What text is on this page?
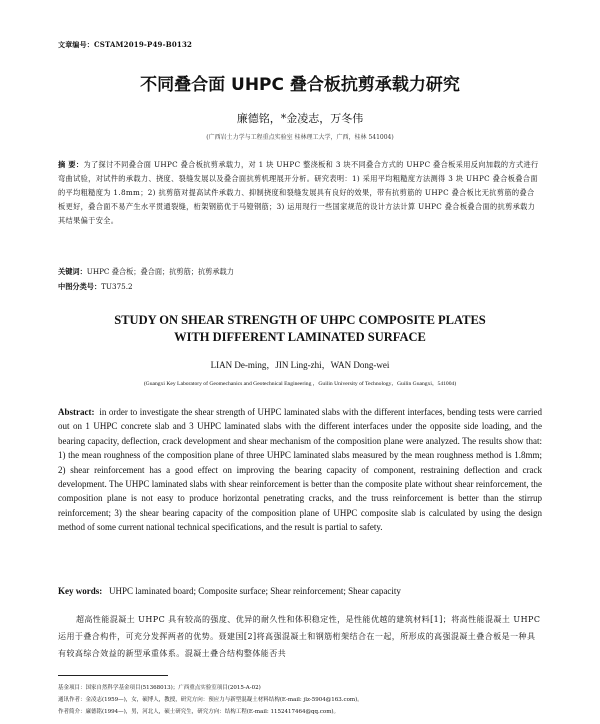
文章编号：CSTAM2019-P49-B0132
不同叠合面 UHPC 叠合板抗剪承载力研究
廉德铭，*金凌志，万冬伟
(广西岩土力学与工程重点实验室 桂林理工大学，广西，桂林 541004)
摘 要：为了探讨不同叠合面 UHPC 叠合板抗剪承载力，对 1 块 UHPC 整浇板和 3 块不同叠合方式的 UHPC 叠合板采用反向加载的方式进行弯曲试验，对试件的承载力、挠度、裂缝发展以及叠合面抗剪机理展开分析。研究表明：1) 采用平均粗糙度方法测得 3 块 UHPC 叠合板叠合面的平均粗糙度为 1.8mm；2) 抗剪筋对提高试件承载力、抑制挠度和裂缝发展具有良好的效果，带有抗剪筋的 UHPC 叠合板比无抗剪筋的叠合板更好，叠合面不易产生水平贯通裂缝，桁架钢筋优于马镫钢筋；3) 运用现行一些国家规范的设计方法计算 UHPC 叠合板叠合面的抗剪承载力其结果偏于安全。
关键词：UHPC 叠合板；叠合面；抗剪筋；抗剪承载力
中图分类号：TU375.2
STUDY ON SHEAR STRENGTH OF UHPC COMPOSITE PLATES
WITH DIFFERENT LAMINATED SURFACE
LIAN De-ming，JIN Ling-zhi，WAN Dong-wei
(Guangxi Key Laboratory of Geomechanics and Geotechnical Engineering ，Guilin University of Technology，Guilin Guangxi，541004)
Abstract: in order to investigate the shear strength of UHPC laminated slabs with the different interfaces, bending tests were carried out on 1 UHPC concrete slab and 3 UHPC laminated slabs with the different interfaces under the opposite side loading, and the bearing capacity, deflection, crack development and shear mechanism of the composition plane were analyzed. The results show that: 1) the mean roughness of the composition plane of three UHPC laminated slabs measured by the mean roughness method is 1.8mm; 2) shear reinforcement has a good effect on improving the bearing capacity of component, restraining deflection and crack development. The UHPC laminated slabs with shear reinforcement is better than the composite plate without shear reinforcement, the composition plane is not easy to produce horizontal penetrating cracks, and the truss reinforcement is better than the stirrup reinforcement; 3) the shear bearing capacity of the composition plane of UHPC composite slab is calculated by using the design method of some current national technical specifications, and the result is partial to safety.
Key words: UHPC laminated board; Composite surface; Shear reinforcement; Shear capacity
超高性能混凝土 UHPC 具有较高的强度、优异的耐久性和体积稳定性，是性能优越的建筑材料[1]；将高性能混凝土 UHPC 运用于叠合构件，可充分发挥两者的优势。聂建国[2]将高强混凝土和钢筋桁架结合在一起，所形成的高强混凝土叠合板是一种具有较高综合效益的新型承重体系。混凝土叠合结构整体能否共
基金项目：国家自然科学基金项目(51368013)；广西重点实验室项目(2015-A-02)
通讯作者：金凌志(1959—)，女，硕博人，教授，研究方向：预应力与新型混凝土材料结构(E-mail: jlz-5904@163.com)。
作者简介：廉德铭(1994—)，男，河北人，硕士研究生，研究方向：结构工程(E-mail: 1152417464@qq.com)。
